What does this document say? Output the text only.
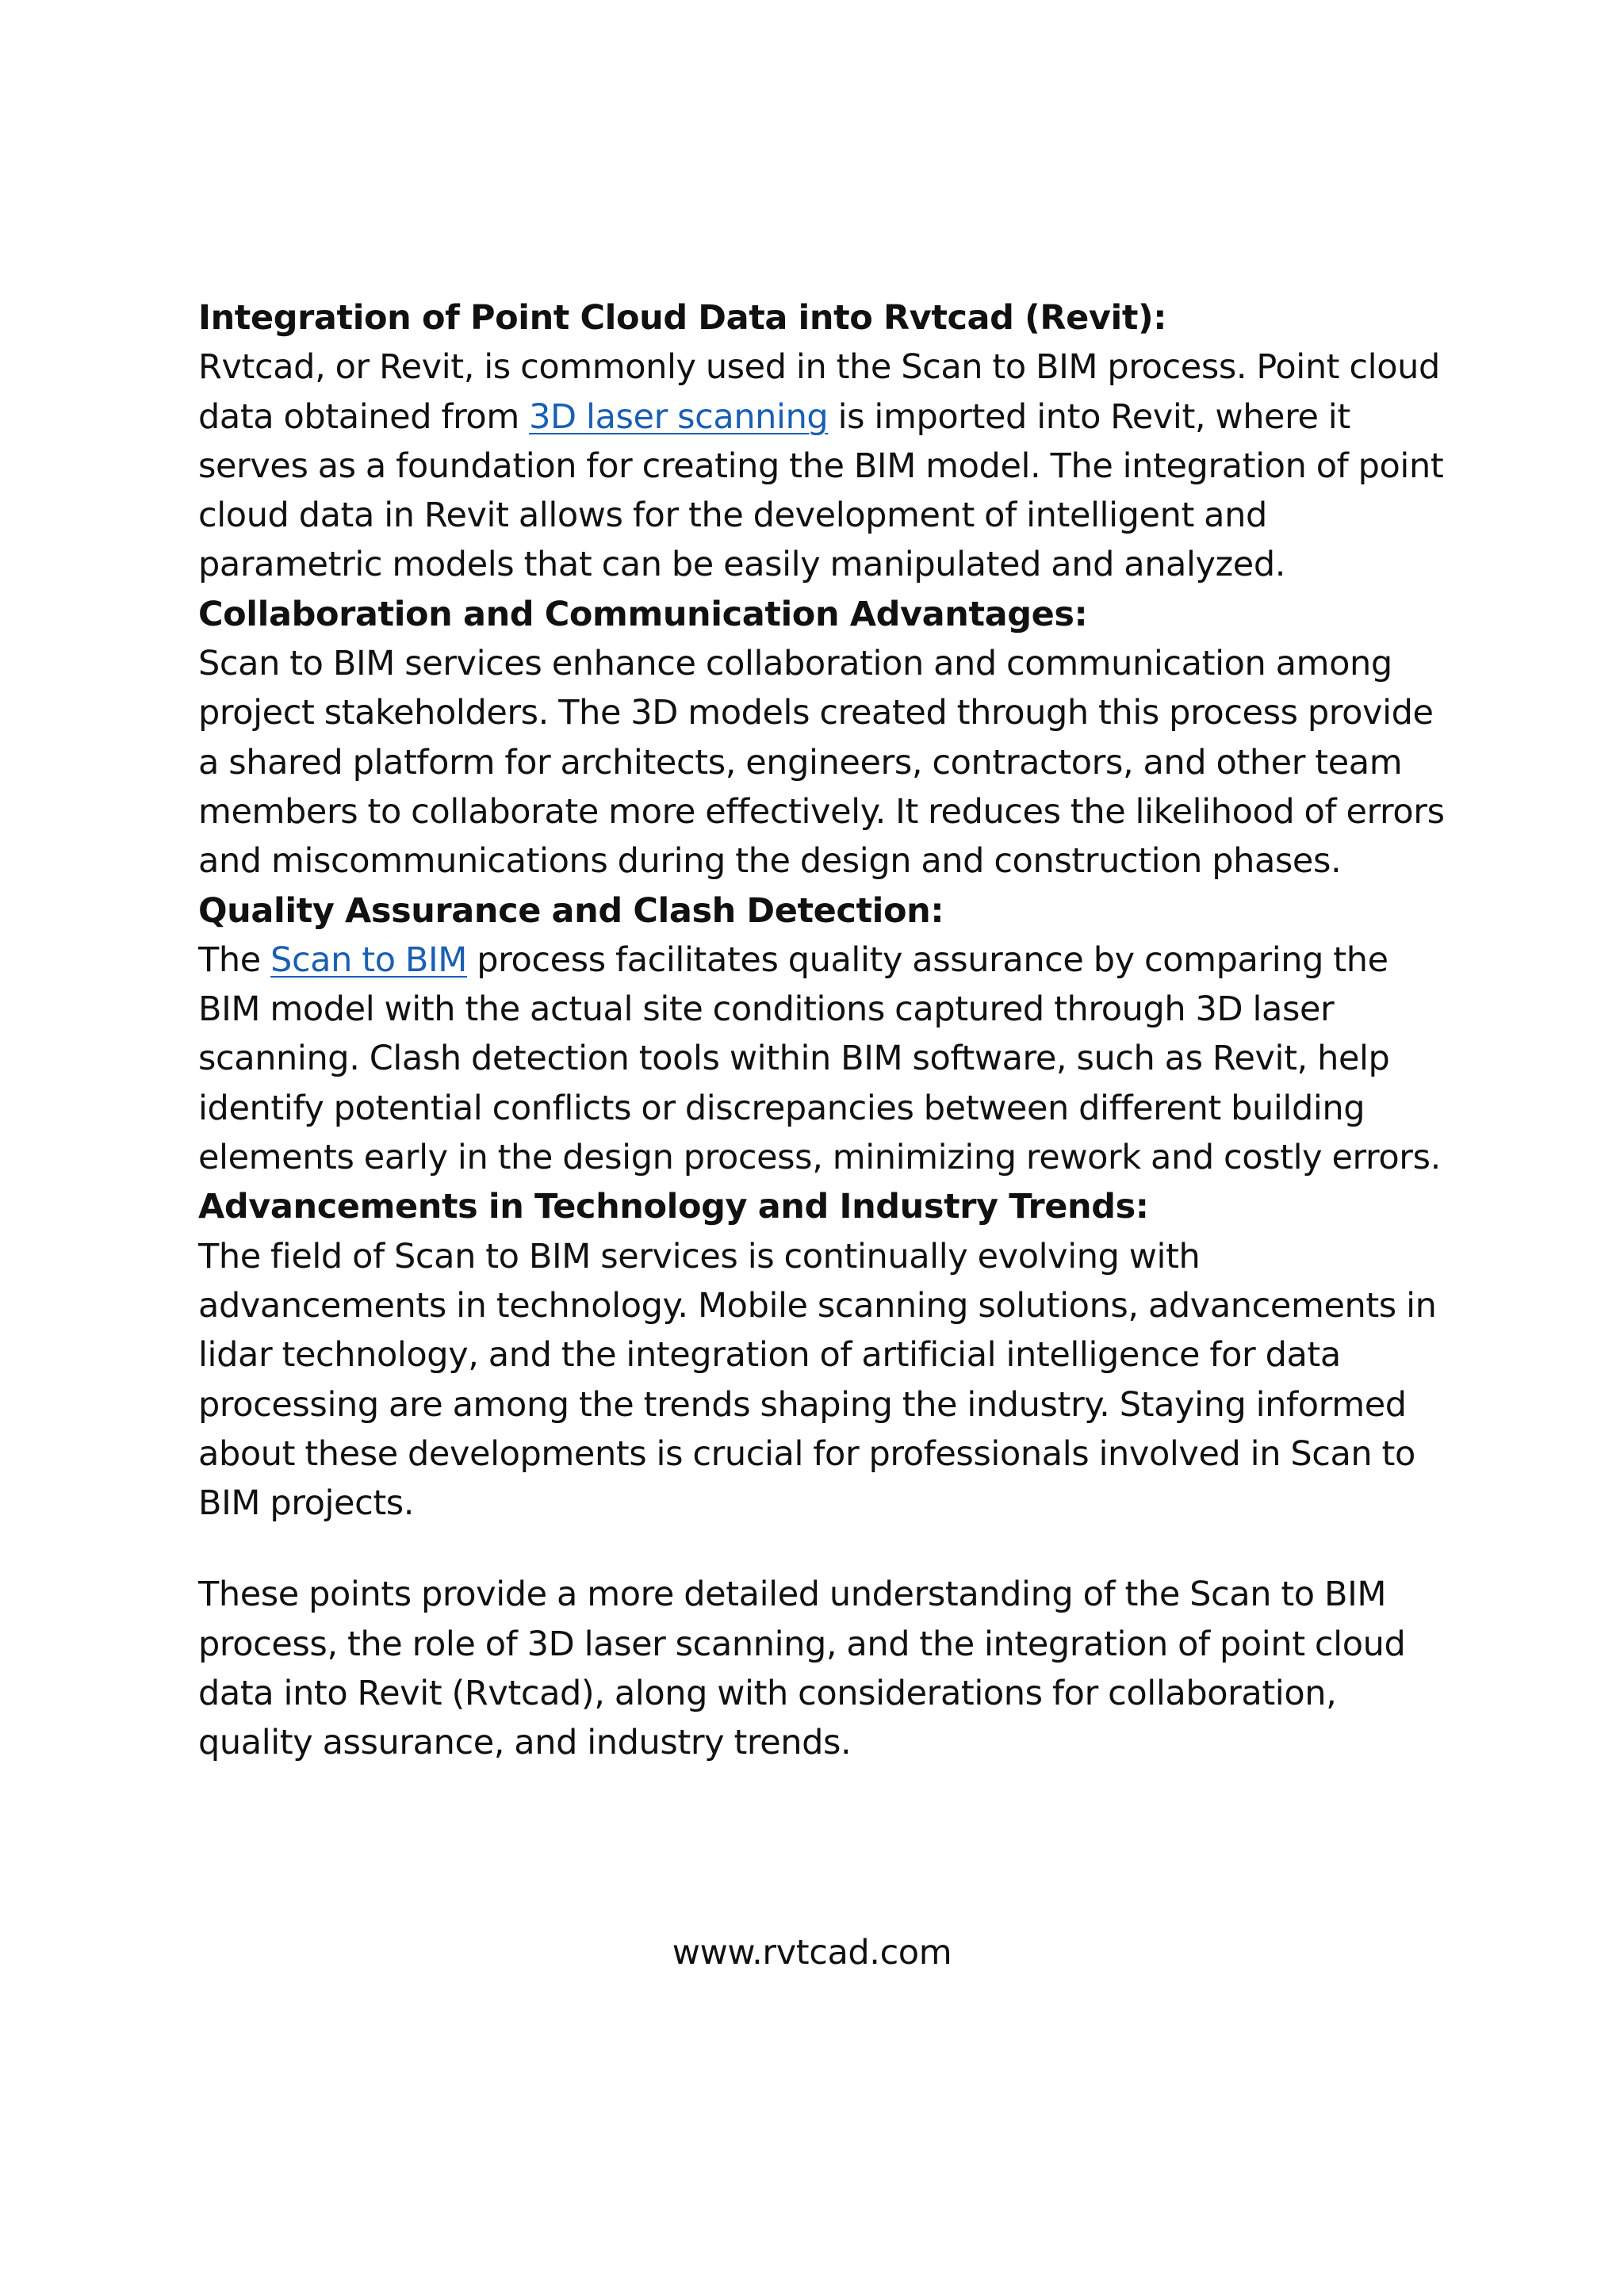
Integration of Point Cloud Data into Rvtcad (Revit):

Rvtcad, or Revit, is commonly used in the Scan to BIM process. Point cloud data obtained from 3D laser scanning is imported into Revit, where it serves as a foundation for creating the BIM model. The integration of point cloud data in Revit allows for the development of intelligent and parametric models that can be easily manipulated and analyzed.

Collaboration and Communication Advantages:

Scan to BIM services enhance collaboration and communication among project stakeholders. The 3D models created through this process provide a shared platform for architects, engineers, contractors, and other team members to collaborate more effectively. It reduces the likelihood of errors and miscommunications during the design and construction phases.

Quality Assurance and Clash Detection:

The Scan to BIM process facilitates quality assurance by comparing the BIM model with the actual site conditions captured through 3D laser scanning. Clash detection tools within BIM software, such as Revit, help identify potential conflicts or discrepancies between different building elements early in the design process, minimizing rework and costly errors.

Advancements in Technology and Industry Trends:

The field of Scan to BIM services is continually evolving with advancements in technology. Mobile scanning solutions, advancements in lidar technology, and the integration of artificial intelligence for data processing are among the trends shaping the industry. Staying informed about these developments is crucial for professionals involved in Scan to BIM projects.

These points provide a more detailed understanding of the Scan to BIM process, the role of 3D laser scanning, and the integration of point cloud data into Revit (Rvtcad), along with considerations for collaboration, quality assurance, and industry trends.

www.rvtcad.com
